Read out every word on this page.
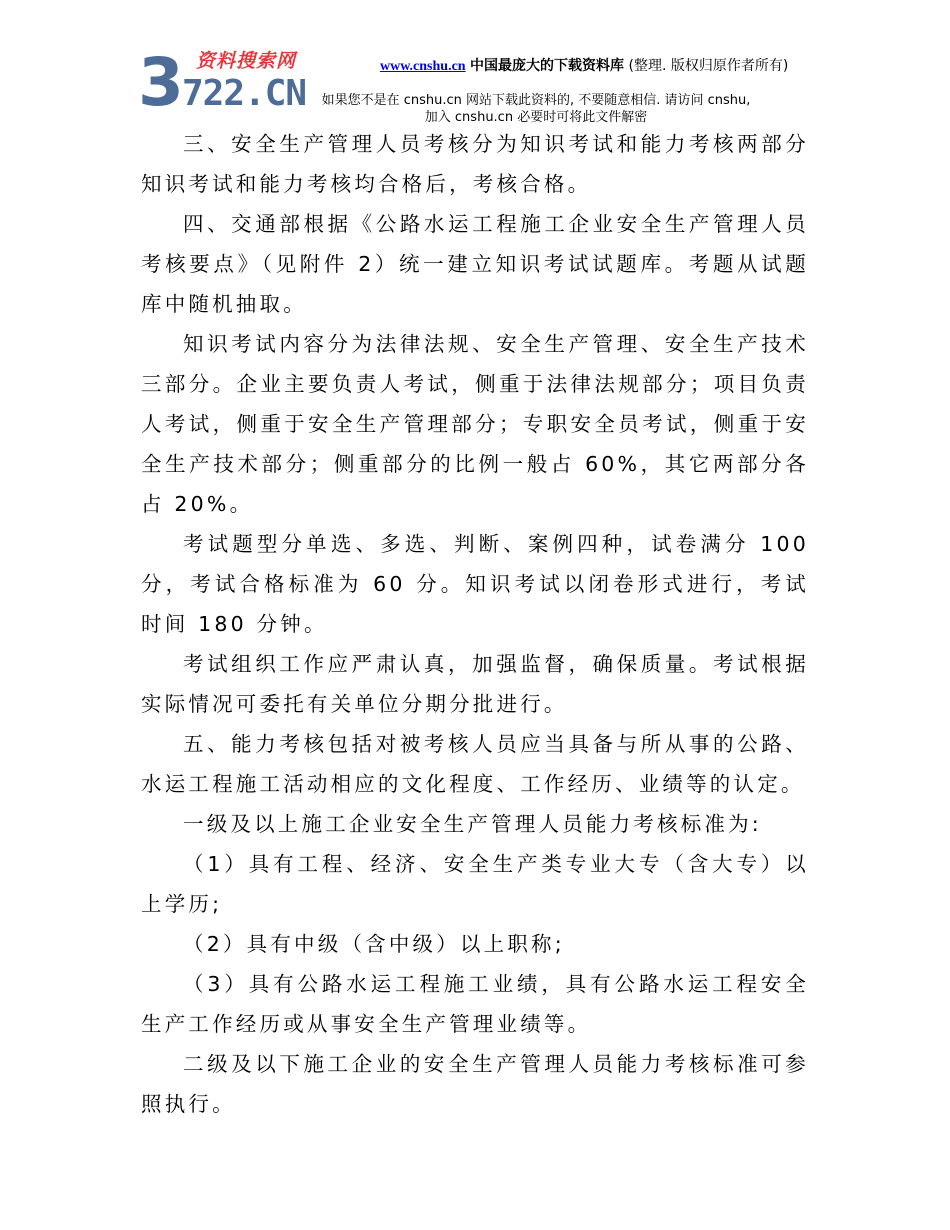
3 资料搜索网
722.CN
www.cnshu.cn 中国最庞大的下载资料库 (整理. 版权归原作者所有)
如果您不是在 cnshu.cn 网站下载此资料的, 不要随意相信. 请访问 cnshu,
加入 cnshu.cn 必要时可将此文件解密

三、安全生产管理人员考核分为知识考试和能力考核两部分知识考试和能力考核均合格后，考核合格。

四、交通部根据《公路水运工程施工企业安全生产管理人员考核要点》（见附件 2）统一建立知识考试试题库。考题从试题库中随机抽取。

知识考试内容分为法律法规、安全生产管理、安全生产技术三部分。企业主要负责人考试，侧重于法律法规部分；项目负责人考试，侧重于安全生产管理部分；专职安全员考试，侧重于安全生产技术部分；侧重部分的比例一般占 60%，其它两部分各占 20%。

考试题型分单选、多选、判断、案例四种，试卷满分 100 分，考试合格标准为 60 分。知识考试以闭卷形式进行，考试时间 180 分钟。

考试组织工作应严肃认真，加强监督，确保质量。考试根据实际情况可委托有关单位分期分批进行。

五、能力考核包括对被考核人员应当具备与所从事的公路、水运工程施工活动相应的文化程度、工作经历、业绩等的认定。

一级及以上施工企业安全生产管理人员能力考核标准为:

（1）具有工程、经济、安全生产类专业大专（含大专）以上学历;

（2）具有中级（含中级）以上职称;

（3）具有公路水运工程施工业绩，具有公路水运工程安全生产工作经历或从事安全生产管理业绩等。

二级及以下施工企业的安全生产管理人员能力考核标准可参照执行。
